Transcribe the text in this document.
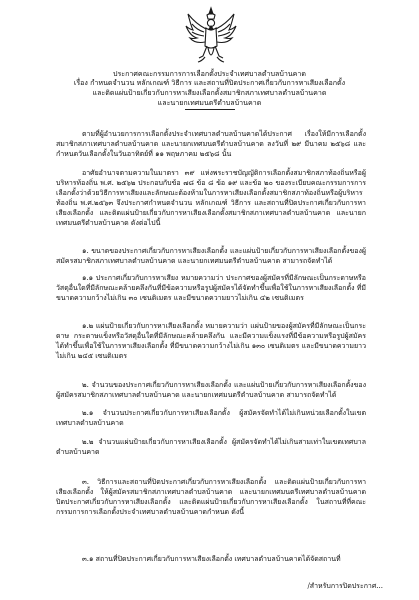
ประกาศคณะกรรมการการเลือกตั้งประจำเทศบาลตำบลบ้านคาด
เรื่อง กำหนดจำนวน หลักเกณฑ์ วิธีการ และสถานที่ปิดประกาศเกี่ยวกับการหาเสียงเลือกตั้ง
และติดแผ่นป้ายเกี่ยวกับการหาเสียงเลือกตั้งสมาชิกสภาเทศบาลตำบลบ้านคาด
และนายกเทศมนตรีตำบลบ้านคาด
ตามที่ผู้อำนวยการการเลือกตั้งประจำเทศบาลตำบลบ้านคาดได้ประกาศ เรื่องให้มีการเลือกตั้งสมาชิกสภาเทศบาลตำบลบ้านคาด และนายกเทศมนตรีตำบลบ้านคาด ลงวันที่ ๒๙ มีนาคม ๒๕๖๘ และกำหนดวันเลือกตั้งในวันอาทิตย์ที่ ๑๑ พฤษภาคม ๒๕๖๘ นั้น
อาศัยอำนาจตามความในมาตรา ๓๙ แห่งพระราชบัญญัติการเลือกตั้งสมาชิกสภาท้องถิ่นหรือผู้บริหารท้องถิ่น พ.ศ. ๒๕๖๒ ประกอบกับข้อ ๗๘ ข้อ ๘ ข้อ ๑๙ และข้อ ๒๐ ของระเบียบคณะกรรมการการเลือกตั้งว่าด้วยวิธีการหาเสียงและลักษณะต้องห้ามในการหาเสียงเลือกตั้งสมาชิกสภาท้องถิ่นหรือผู้บริหารท้องถิ่น พ.ศ.๒๕๖๓ จึงประกาศกำหนดจำนวน หลักเกณฑ์ วิธีการ และสถานที่ปิดประกาศเกี่ยวกับการหาเสียงเลือกตั้ง และติดแผ่นป้ายเกี่ยวกับการหาเสียงเลือกตั้งสมาชิกสภาเทศบาลตำบลบ้านคาด และนายกเทศมนตรีตำบลบ้านคาด ดังต่อไปนี้
๑. ขนาดของประกาศเกี่ยวกับการหาเสียงเลือกตั้ง และแผ่นป้ายเกี่ยวกับการหาเสียงเลือกตั้งของผู้สมัครสมาชิกสภาเทศบาลตำบลบ้านคาด และนายกเทศมนตรีตำบลบ้านคาด สามารถจัดทำได้
๑.๑ ประกาศเกี่ยวกับการหาเสียง หมายความว่า ประกาศของผู้สมัครที่มีลักษณะเป็นกระดาษหรือวัสดุอื่นใดที่มีลักษณะคล้ายคลึงกันที่มีข้อความหรือรูปผู้สมัครได้จัดทำขึ้นเพื่อใช้ในการหาเสียงเลือกตั้ง ที่มีขนาดความกว้างไม่เกิน ๓๐ เซนติเมตร และมีขนาดความยาวไม่เกิน ๔๒ เซนติเมตร
๑.๒ แผ่นป้ายเกี่ยวกับการหาเสียงเลือกตั้ง หมายความว่า แผ่นป้ายของผู้สมัครที่มีลักษณะเป็นกระดาษ กระดาษแข็งหรือวัสดุอื่นใดที่มีลักษณะคล้ายคลึงกัน และมีความแข็งแรงที่มีข้อความหรือรูปผู้สมัครได้ทำขึ้นเพื่อใช้ในการหาเสียงเลือกตั้ง ที่มีขนาดความกว้างไม่เกิน ๑๓๐ เซนติเมตร และมีขนาดความยาวไม่เกิน ๒๔๕ เซนติเมตร
๒. จำนวนของประกาศเกี่ยวกับการหาเสียงเลือกตั้ง และแผ่นป้ายเกี่ยวกับการหาเสียงเลือกตั้งของผู้สมัครสมาชิกสภาเทศบาลตำบลบ้านคาด และนายกเทศมนตรีตำบลบ้านคาด สามารถจัดทำได้
๒.๑ จำนวนประกาศเกี่ยวกับการหาเสียงเลือกตั้ง ผู้สมัครจัดทำได้ไม่เกินหน่วยเลือกตั้งในเขตเทศบาลตำบลบ้านคาด
๒.๒ จำนวนแผ่นป้ายเกี่ยวกับการหาเสียงเลือกตั้ง ผู้สมัครจัดทำได้ไม่เกินสามเท่าในเขตเทศบาลตำบลบ้านคาด
๓. วิธีการและสถานที่ปิดประกาศเกี่ยวกับการหาเสียงเลือกตั้ง และติดแผ่นป้ายเกี่ยวกับการหาเสียงเลือกตั้ง ให้ผู้สมัครสมาชิกสภาเทศบาลตำบลบ้านคาด และนายกเทศมนตรีเทศบาลตำบลบ้านคาด ปิดประกาศเกี่ยวกับการหาเสียงเลือกตั้ง และติดแผ่นป้ายเกี่ยวกับการหาเสียงเลือกตั้ง ในสถานที่ที่คณะกรรมการการเลือกตั้งประจำเทศบาลตำบลบ้านคาดกำหนด ดังนี้
๓.๑ สถานที่ปิดประกาศเกี่ยวกับการหาเสียงเลือกตั้ง เทศบาลตำบลบ้านคาดได้จัดสถานที่
/สำหรับการปิดประกาศ...
